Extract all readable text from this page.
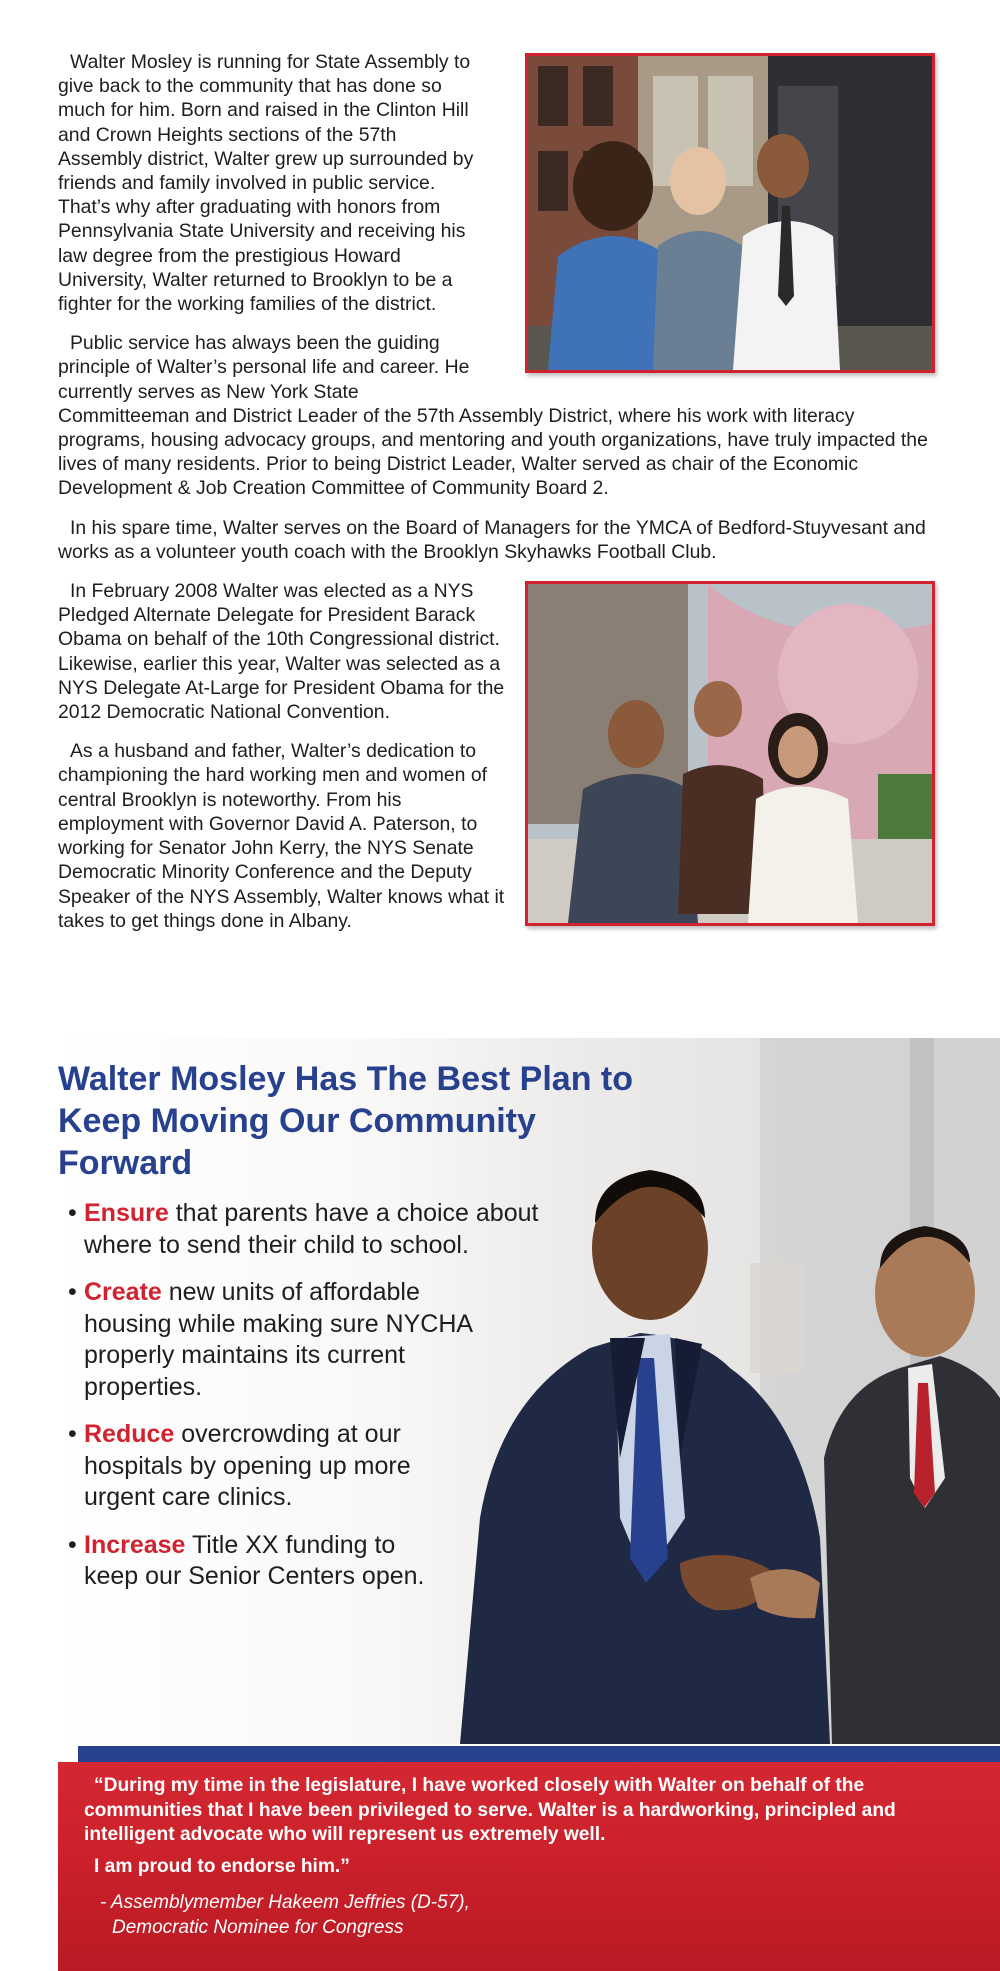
Walter Mosley is running for State Assembly to give back to the community that has done so much for him. Born and raised in the Clinton Hill and Crown Heights sections of the 57th Assembly district, Walter grew up surrounded by friends and family involved in public service. That’s why after graduating with honors from Pennsylvania State University and receiving his law degree from the prestigious Howard University, Walter returned to Brooklyn to be a fighter for the working families of the district.

Public service has always been the guiding principle of Walter’s personal life and career. He currently serves as New York State Committeeman and District Leader of the 57th Assembly District, where his work with literacy programs, housing advocacy groups, and mentoring and youth organizations, have truly impacted the lives of many residents. Prior to being District Leader, Walter served as chair of the Economic Development & Job Creation Committee of Community Board 2.

In his spare time, Walter serves on the Board of Managers for the YMCA of Bedford-Stuyvesant and works as a volunteer youth coach with the Brooklyn Skyhawks Football Club.

In February 2008 Walter was elected as a NYS Pledged Alternate Delegate for President Barack Obama on behalf of the 10th Congressional district. Likewise, earlier this year, Walter was selected as a NYS Delegate At-Large for President Obama for the 2012 Democratic National Convention.

As a husband and father, Walter’s dedication to championing the hard working men and women of central Brooklyn is noteworthy. From his employment with Governor David A. Paterson, to working for Senator John Kerry, the NYS Senate Democratic Minority Conference and the Deputy Speaker of the NYS Assembly, Walter knows what it takes to get things done in Albany.

Walter Mosley Has The Best Plan to Keep Moving Our Community Forward
• Ensure that parents have a choice about where to send their child to school.
• Create new units of affordable housing while making sure NYCHA properly maintains its current properties.
• Reduce overcrowding at our hospitals by opening up more urgent care clinics.
• Increase Title XX funding to keep our Senior Centers open.

“During my time in the legislature, I have worked closely with Walter on behalf of the communities that I have been privileged to serve. Walter is a hardworking, principled and intelligent advocate who will represent us extremely well.

I am proud to endorse him.”

- Assemblymember Hakeem Jeffries (D-57),
Democratic Nominee for Congress
